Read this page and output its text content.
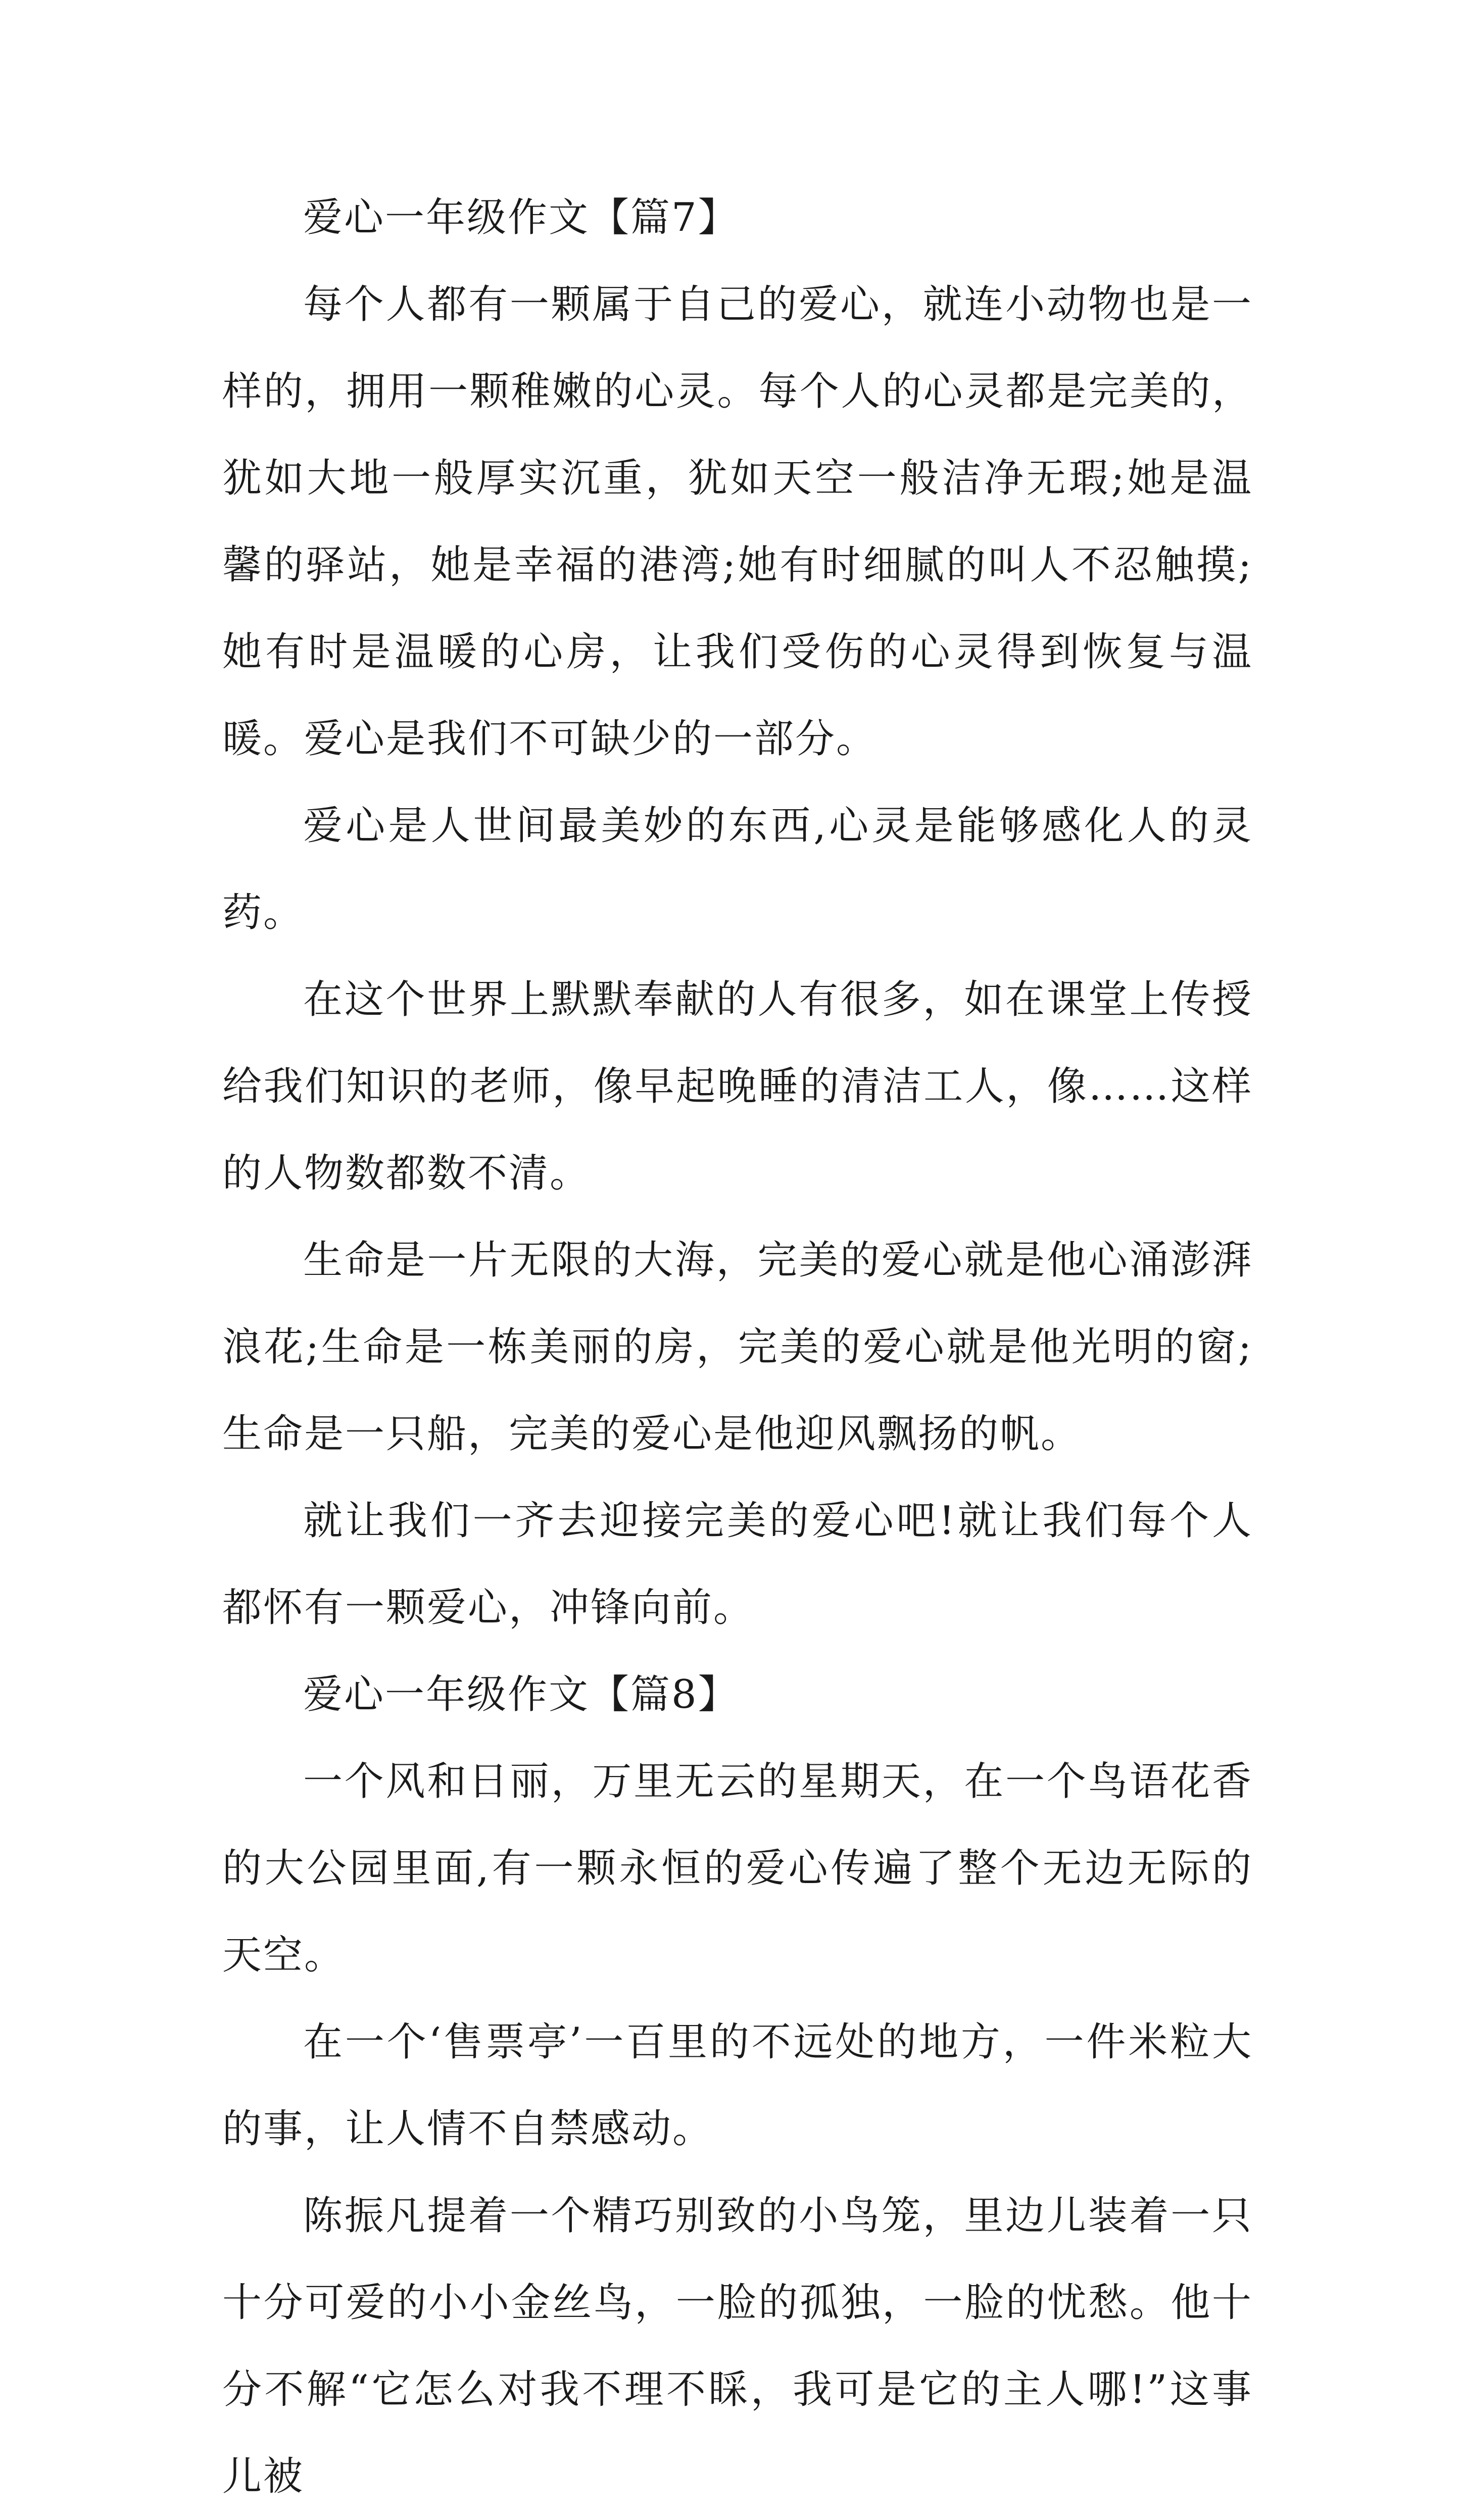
爱心一年级作文【篇7】

每个人都有一颗属于自己的爱心，就连小动物也是一样的，拥用一颗稚嫩的心灵。每个人的心灵都是完美的，犹如大地一般厚实沉重，犹如天空一般洁净无瑕;她是温馨的驿站，她是幸福的港湾;她有时细腻的叫人不忍触摸;她有时是温暖的心房，让我们受伤的心灵得到恢复与温暖。爱心是我们不可缺少的一部分。

爱心是人世间最美妙的东西,心灵是能够感化人的灵药。

在这个世界上默默奉献的人有很多，如在课堂上传授给我们知识的老师，像早起晚睡的清洁工人，像……这样的人物数都数不清。

生命是一片无限的大海，完美的爱心就是他心涌澎湃浪花;生命是一栋美丽的房，完美的爱心就是他光明的窗;生命是一只船，完美的爱心是他迎风飘扬的帆。

就让我们一齐去迎接完美的爱心吧!就让我们每个人都怀有一颗爱心，冲锋向前。

爱心一年级作文【篇8】

一个风和日丽，万里无云的星期天，在一个鸟语花香的大公园里面,有一颗永恒的爱心传遍了整个无边无际的天空。

在一个‘售票亭’一百里的不远处的地方，一件米粒大的事，让人情不自禁感动。

陈振凡提着一个精巧别致的小鸟笼，里边儿装着一只十分可爱的小小金丝鸟，一脸的孤独，一脸的忧愁。他十分不解“它怎么对我不理不睬，我可是它的主人哪!”这事儿被
